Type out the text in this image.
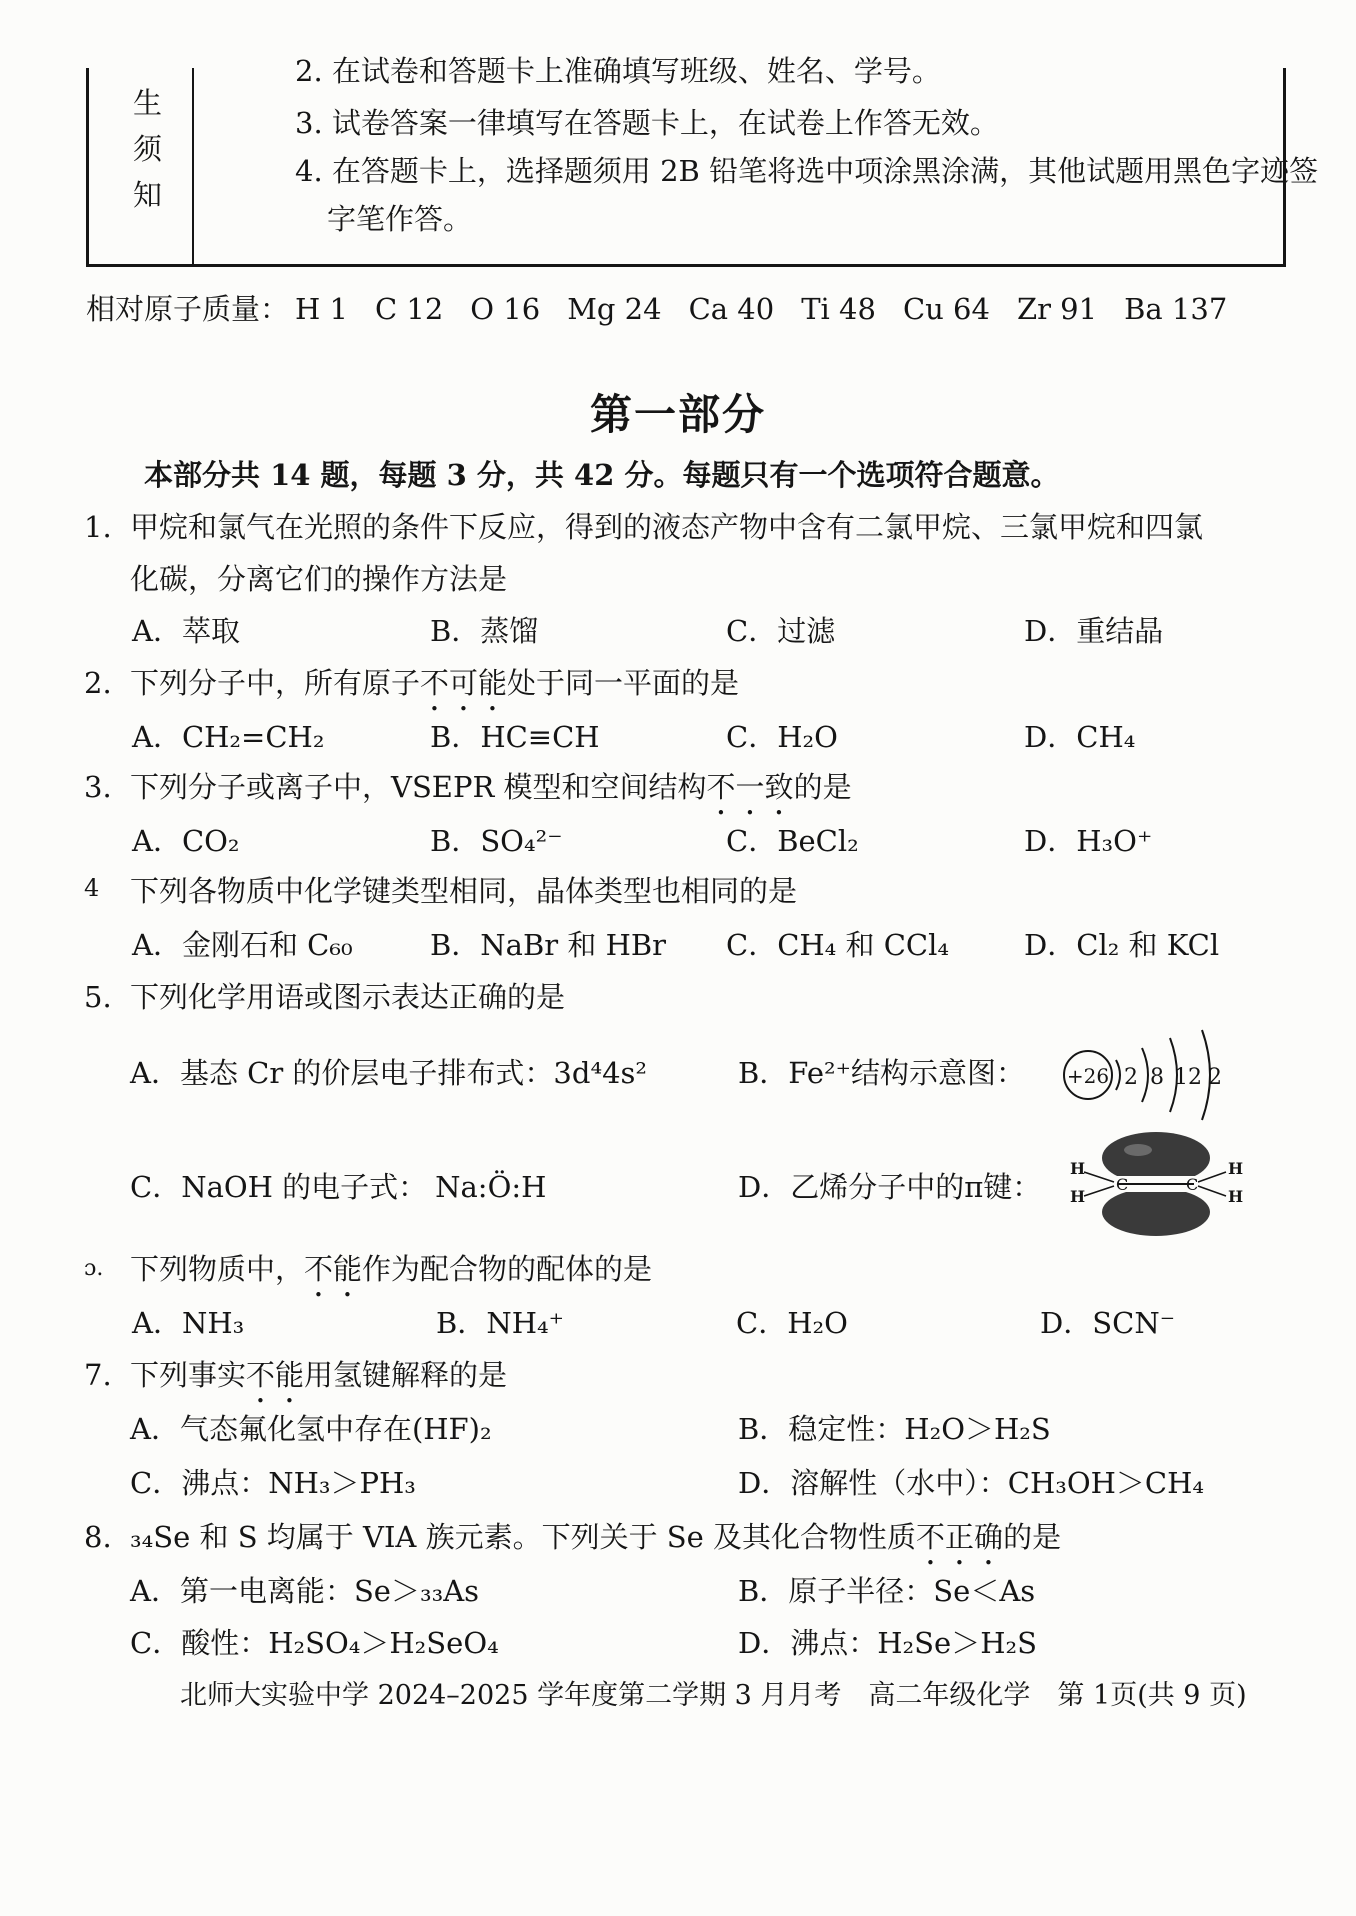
生
须
知
2. 在试卷和答题卡上准确填写班级、姓名、学号。
3. 试卷答案一律填写在答题卡上，在试卷上作答无效。
4. 在答题卡上，选择题须用 2B 铅笔将选中项涂黑涂满，其他试题用黑色字迹签
字笔作答。
相对原子质量： H 1 C 12 O 16 Mg 24 Ca 40 Ti 48 Cu 64 Zr 91 Ba 137
第一部分
本部分共 14 题，每题 3 分，共 42 分。每题只有一个选项符合题意。
1. 甲烷和氯气在光照的条件下反应，得到的液态产物中含有二氯甲烷、三氯甲烷和四氯
化碳，分离它们的操作方法是
A．萃取	B．蒸馏	C．过滤	D．重结晶
2. 下列分子中，所有原子不可能处于同一平面的是
A．CH₂=CH₂	B．HC≡CH	C．H₂O	D．CH₄
3. 下列分子或离子中，VSEPR 模型和空间结构不一致的是
A．CO₂	B．SO₄²⁻	C．BeCl₂	D．H₃O⁺
4 下列各物质中化学键类型相同，晶体类型也相同的是
A．金刚石和 C₆₀	B．NaBr 和 HBr C．CH₄ 和 CCl₄	D．Cl₂ 和 KCl
5. 下列化学用语或图示表达正确的是
A．基态 Cr 的价层电子排布式：3d⁴4s²	B．Fe²⁺结构示意图： +26 2 8 12 2
C．NaOH 的电子式： Na:Ö:H	D．乙烯分子中的π键：
H
H
H
H
C	C
ɔ. 下列物质中，不能作为配合物的配体的是
A．NH₃	B．NH₄⁺	C．H₂O	D．SCN⁻
7. 下列事实不能用氢键解释的是
A．气态氟化氢中存在(HF)₂	B．稳定性：H₂O＞H₂S
C．沸点：NH₃＞PH₃	D．溶解性（水中）：CH₃OH＞CH₄
8. ₃₄Se 和 S 均属于 VIA 族元素。下列关于 Se 及其化合物性质不正确的是
A．第一电离能：Se＞₃₃As	B．原子半径：Se＜As
C．酸性：H₂SO₄＞H₂SeO₄	D．沸点：H₂Se＞H₂S
北师大实验中学 2024–2025 学年度第二学期 3 月月考　高二年级化学　第 1页(共 9 页)
